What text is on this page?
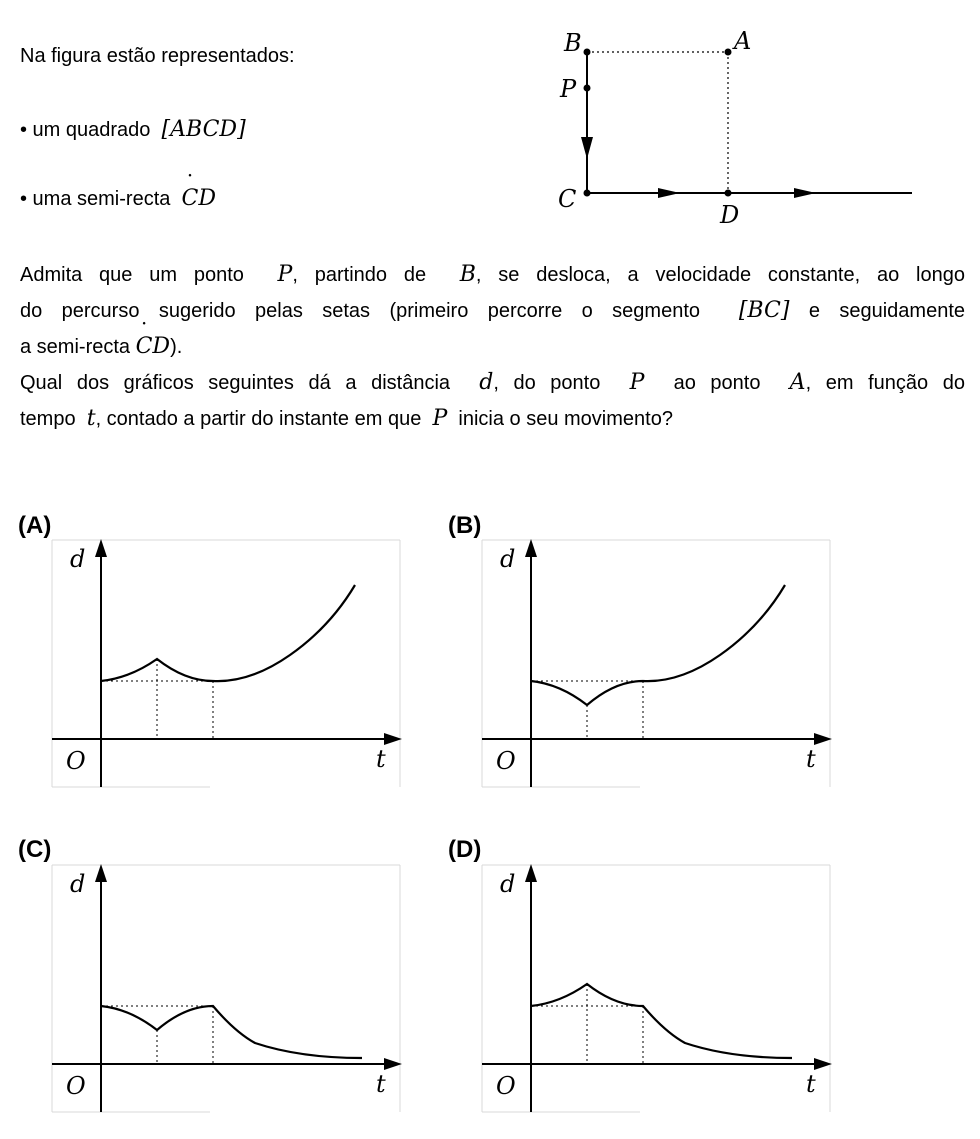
Na figura estão representados:
• um quadrado [ABCD]
• uma semi-recta ˙ CD
B	A
P
C
D
Admita que um ponto P, partindo de B, se desloca, a velocidade constante, ao longo
do percurso sugerido pelas setas (primeiro percorre o segmento [BC] e seguidamente
a semi-recta ˙ CD).
Qual dos gráficos seguintes dá a distância d, do ponto P ao ponto A, em função do
tempo t, contado a partir do instante em que P inicia o seu movimento?
(A)	(B)
(C)	(D)
d
t
O
d
t
O
d
t
O
d
t
O
